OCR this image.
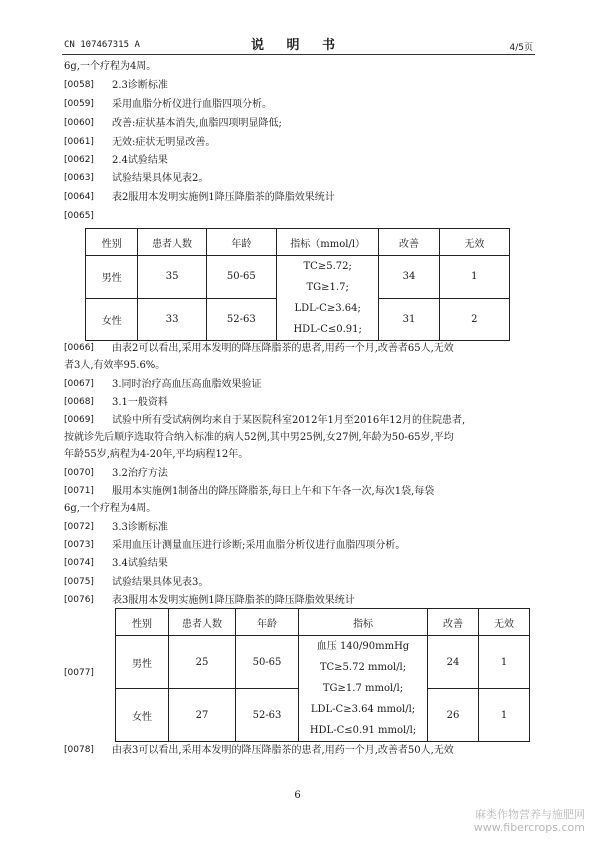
CN 107467315 A	说 明 书	4/5页
6g,一个疗程为4周。
[0058]	2.3诊断标准
[0059]	采用血脂分析仪进行血脂四项分析。
[0060]	改善:症状基本消失,血脂四项明显降低;
[0061]	无效:症状无明显改善。
[0062]	2.4试验结果
[0063]	试验结果具体见表2。
[0064]	表2服用本发明实施例1降压降脂茶的降脂效果统计
[0065]
性别	患者人数	年龄	指标（mmol/l）	改善	无效
男性	35	50-65	TC≥5.72;
TG≥1.7;
LDL-C≥3.64;
HDL-C≤0.91;	34	1
女性	33	52-63		31	2
[0066]	由表2可以看出,采用本发明的降压降脂茶的患者,用药一个月,改善者65人,无效
者3人,有效率95.6%。
[0067]	3.同时治疗高血压高血脂效果验证
[0068]	3.1一般资料
[0069]	试验中所有受试病例均来自于某医院科室2012年1月至2016年12月的住院患者,
按就诊先后顺序选取符合纳入标准的病人52例,其中男25例,女27例,年龄为50-65岁,平均
年龄55岁,病程为4-20年,平均病程12年。
[0070]	3.2治疗方法
[0071]	服用本实施例1制备出的降压降脂茶,每日上午和下午各一次,每次1袋,每袋
6g,一个疗程为4周。
[0072]	3.3诊断标准
[0073]	采用血压计测量血压进行诊断;采用血脂分析仪进行血脂四项分析。
[0074]	3.4试验结果
[0075]	试验结果具体见表3。
[0076]	表3服用本发明实施例1降压降脂茶的降压降脂效果统计
[0077]
性别	患者人数	年龄	指标	改善	无效
男性	25	50-65	血压 140/90mmHg
TC≥5.72 mmol/l;
TG≥1.7 mmol/l;
LDL-C≥3.64 mmol/l;
HDL-C≤0.91 mmol/l;	24	1
女性	27	52-63		26	1
[0078]	由表3可以看出,采用本发明的降压降脂茶的患者,用药一个月,改善者50人,无效
6
麻类作物营养与施肥网
www.fibercrops.com
